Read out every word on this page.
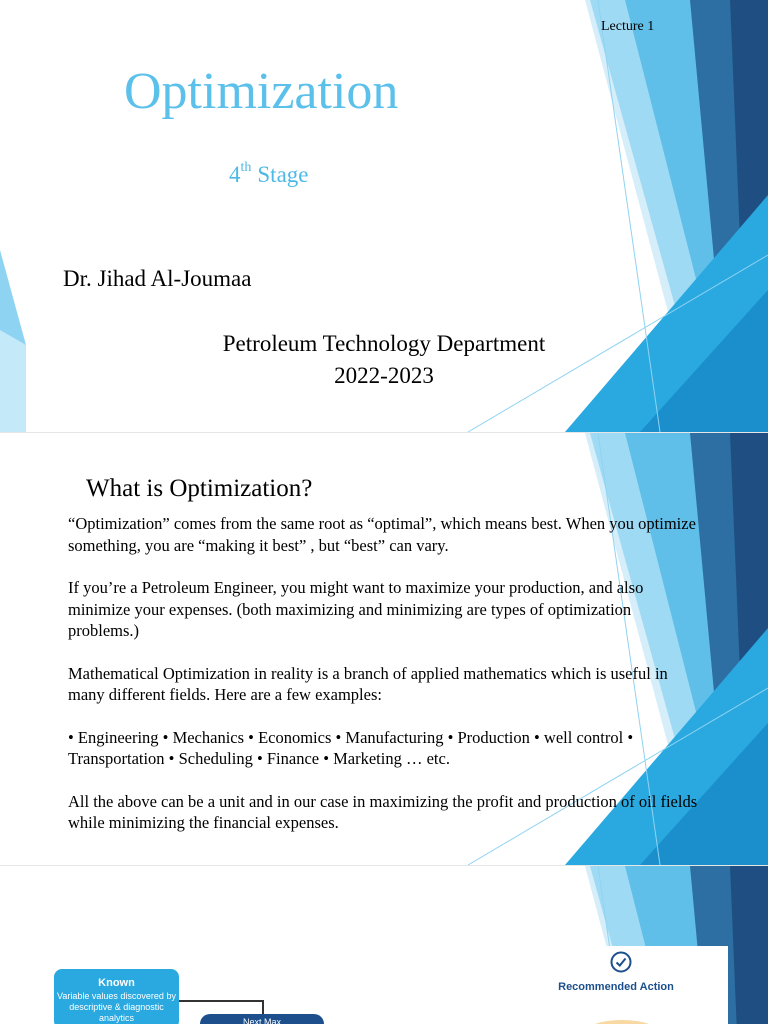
Lecture 1
Optimization
4th Stage
Dr. Jihad Al-Joumaa
Petroleum Technology Department
2022-2023
What is Optimization?

“Optimization” comes from the same root as “optimal”, which means best. When you optimize something, you are “making it best” , but “best” can vary.

If you’re a Petroleum Engineer, you might want to maximize your production, and also minimize your expenses. (both maximizing and minimizing are types of optimization problems.)

Mathematical Optimization in reality is a branch of applied mathematics which is useful in many different fields. Here are a few examples:

• Engineering • Mechanics • Economics • Manufacturing • Production • well control • Transportation • Scheduling • Finance • Marketing … etc.

All the above can be a unit and in our case in maximizing the profit and production of oil fields while minimizing the financial expenses.

Known
Variable values discovered by descriptive & diagnostic analytics	Next Max
Recommended Action
